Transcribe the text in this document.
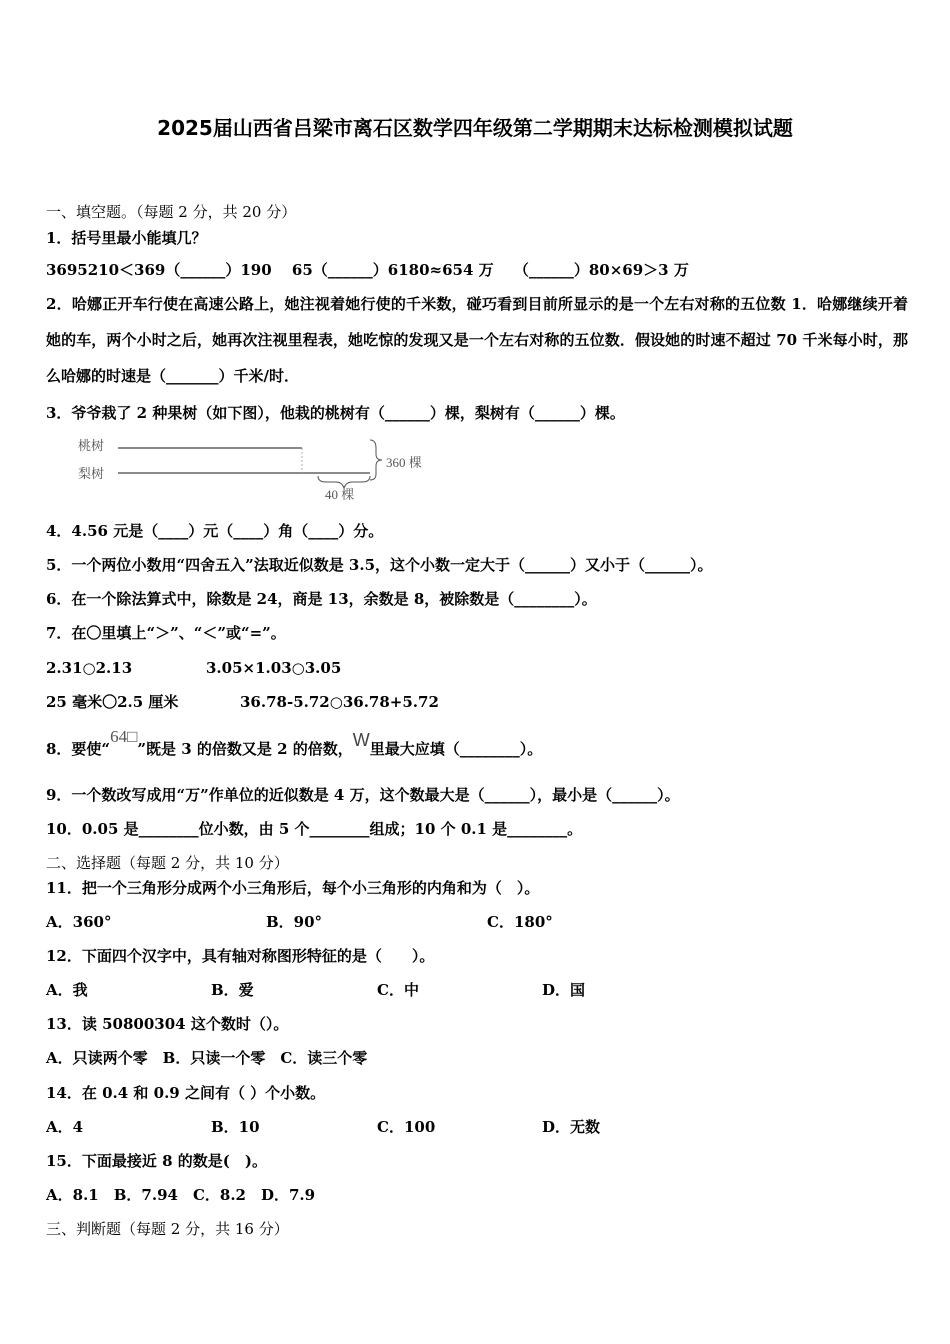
2025届山西省吕梁市离石区数学四年级第二学期期末达标检测模拟试题
一、填空题。（每题 2 分，共 20 分）
1．括号里最小能填几？
3695210＜369（______）190　 65（______）6180≈654 万　 （______）80×69＞3 万
2．哈娜正开车行使在高速公路上，她注视着她行使的千米数，碰巧看到目前所显示的是一个左右对称的五位数 1．哈娜继续开着她的车，两个小时之后，她再次注视里程表，她吃惊的发现又是一个左右对称的五位数．假设她的时速不超过 70 千米每小时，那么哈娜的时速是（_______）千米/时．
3．爷爷栽了 2 种果树（如下图），他栽的桃树有（______）棵，梨树有（______）棵。
桃树
梨树
360 棵
40 棵
4．4.56 元是（____）元（____）角（____）分。
5．一个两位小数用“四舍五入”法取近似数是 3.5，这个小数一定大于（______）又小于（______）。
6．在一个除法算式中，除数是 24，商是 13，余数是 8，被除数是（________）。
7．在〇里填上“＞”、“＜”或“=”。
2.31○2.13	3.05×1.03○3.05
25 毫米〇2.5 厘米	36.78-5.72○36.78+5.72
8．要使“64□”既是 3 的倍数又是 2 的倍数，W里最大应填（________）。
9．一个数改写成用“万”作单位的近似数是 4 万，这个数最大是（______），最小是（______）。
10．0.05 是________位小数，由 5 个________组成；10 个 0.1 是________。
二、选择题（每题 2 分，共 10 分）
11．把一个三角形分成两个小三角形后，每个小三角形的内角和为（　）。
A．360°	B．90°	C．180°
12．下面四个汉字中，具有轴对称图形特征的是（　　）。
A．我	B．爱	C．中	D．国
13．读 50800304 这个数时（）。
A．只读两个零　B．只读一个零　C．读三个零
14．在 0.4 和 0.9 之间有（ ）个小数。
A．4	B．10	C．100	D．无数
15．下面最接近 8 的数是(　)。
A．8.1　B．7.94　C．8.2　D．7.9
三、判断题（每题 2 分，共 16 分）
